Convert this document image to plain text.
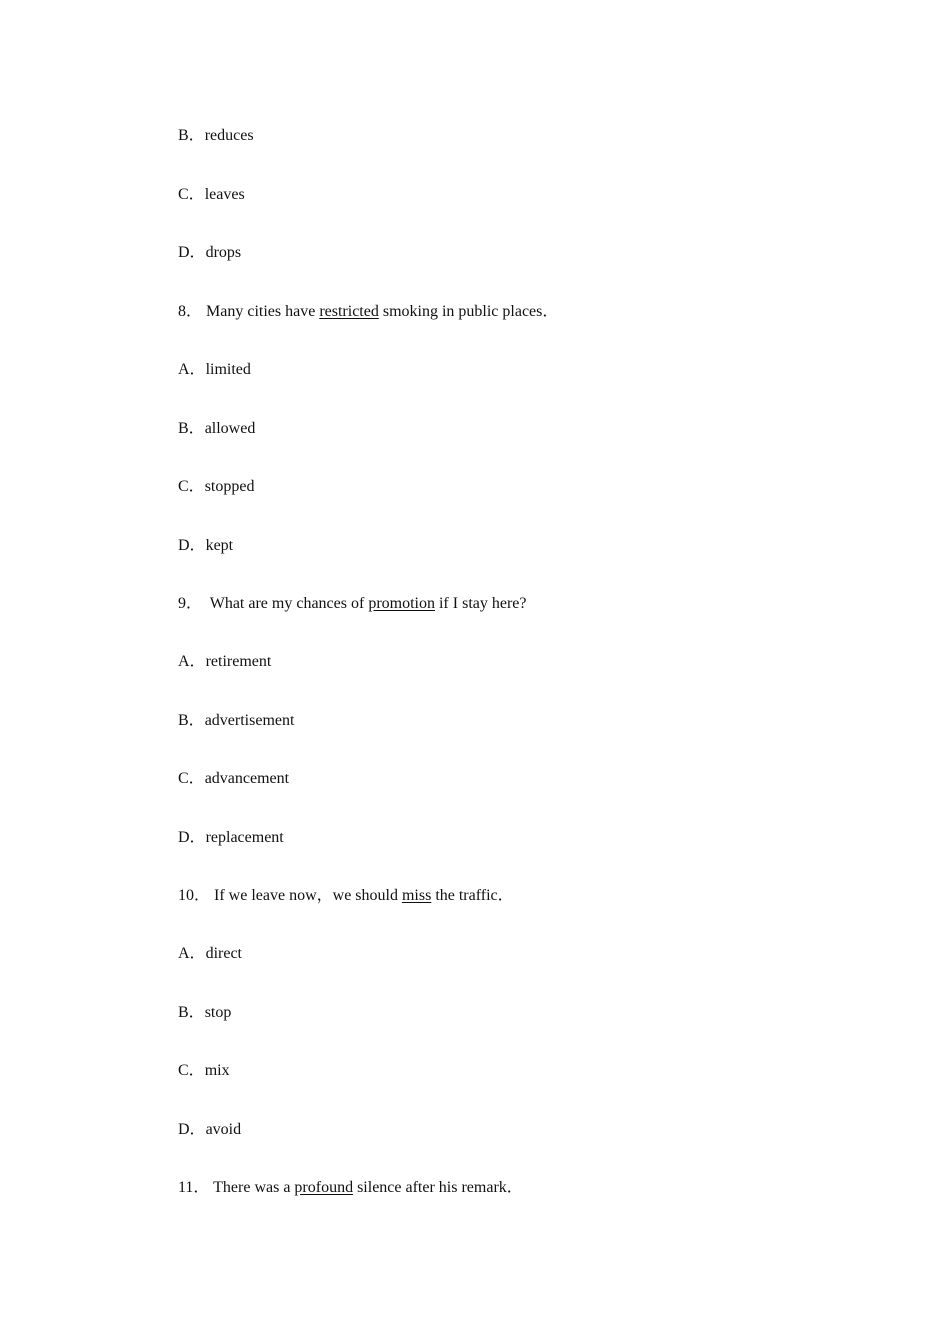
B．reduces
C．leaves
D．drops
8． Many cities have restricted smoking in public places．
A．limited
B．allowed
C．stopped
D．kept
9．  What are my chances of promotion if I stay here?
A．retirement
B．advertisement
C．advancement
D．replacement
10． If we leave now，we should miss the traffic．
A．direct
B．stop
C．mix
D．avoid
11． There was a profound silence after his remark．
